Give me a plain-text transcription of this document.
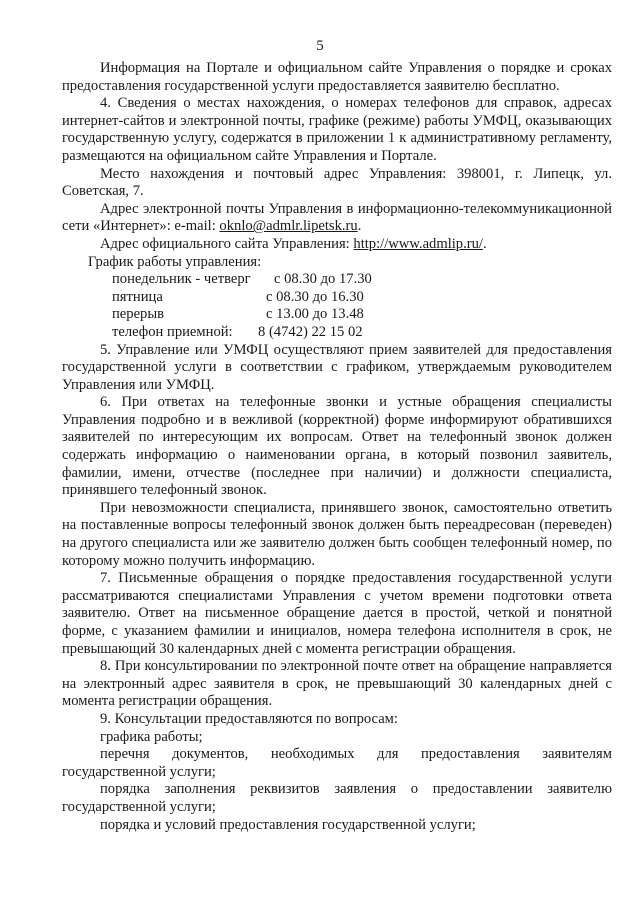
5

Информация на Портале и официальном сайте Управления о порядке и сроках предоставления государственной услуги предоставляется заявителю бесплатно.

4. Сведения о местах нахождения, о номерах телефонов для справок, адресах интернет-сайтов и электронной почты, графике (режиме) работы УМФЦ, оказывающих государственную услугу, содержатся в приложении 1 к административному регламенту, размещаются на официальном сайте Управления и Портале.

Место нахождения и почтовый адрес Управления: 398001, г. Липецк, ул. Советская, 7.

Адрес электронной почты Управления в информационно-телекоммуникационной сети «Интернет»: e-mail: oknlo@admlr.lipetsk.ru.

Адрес официального сайта Управления: http://www.admlip.ru/.

График работы управления:

понедельник - четверг	с 08.30 до 17.30
пятница	с 08.30 до 16.30
перерыв	с 13.00 до 13.48
телефон приемной:	8 (4742) 22 15 02

5. Управление или УМФЦ осуществляют прием заявителей для предоставления государственной услуги в соответствии с графиком, утверждаемым руководителем Управления или УМФЦ.

6. При ответах на телефонные звонки и устные обращения специалисты Управления подробно и в вежливой (корректной) форме информируют обратившихся заявителей по интересующим их вопросам. Ответ на телефонный звонок должен содержать информацию о наименовании органа, в который позвонил заявитель, фамилии, имени, отчестве (последнее при наличии) и должности специалиста, принявшего телефонный звонок.

При невозможности специалиста, принявшего звонок, самостоятельно ответить на поставленные вопросы телефонный звонок должен быть переадресован (переведен) на другого специалиста или же заявителю должен быть сообщен телефонный номер, по которому можно получить информацию.

7. Письменные обращения о порядке предоставления государственной услуги рассматриваются специалистами Управления с учетом времени подготовки ответа заявителю. Ответ на письменное обращение дается в простой, четкой и понятной форме, с указанием фамилии и инициалов, номера телефона исполнителя в срок, не превышающий 30 календарных дней с момента регистрации обращения.

8. При консультировании по электронной почте ответ на обращение направляется на электронный адрес заявителя в срок, не превышающий 30 календарных дней с момента регистрации обращения.

9. Консультации предоставляются по вопросам:

графика работы;

перечня документов, необходимых для предоставления заявителям государственной услуги;

порядка заполнения реквизитов заявления о предоставлении заявителю государственной услуги;

порядка и условий предоставления государственной услуги;
